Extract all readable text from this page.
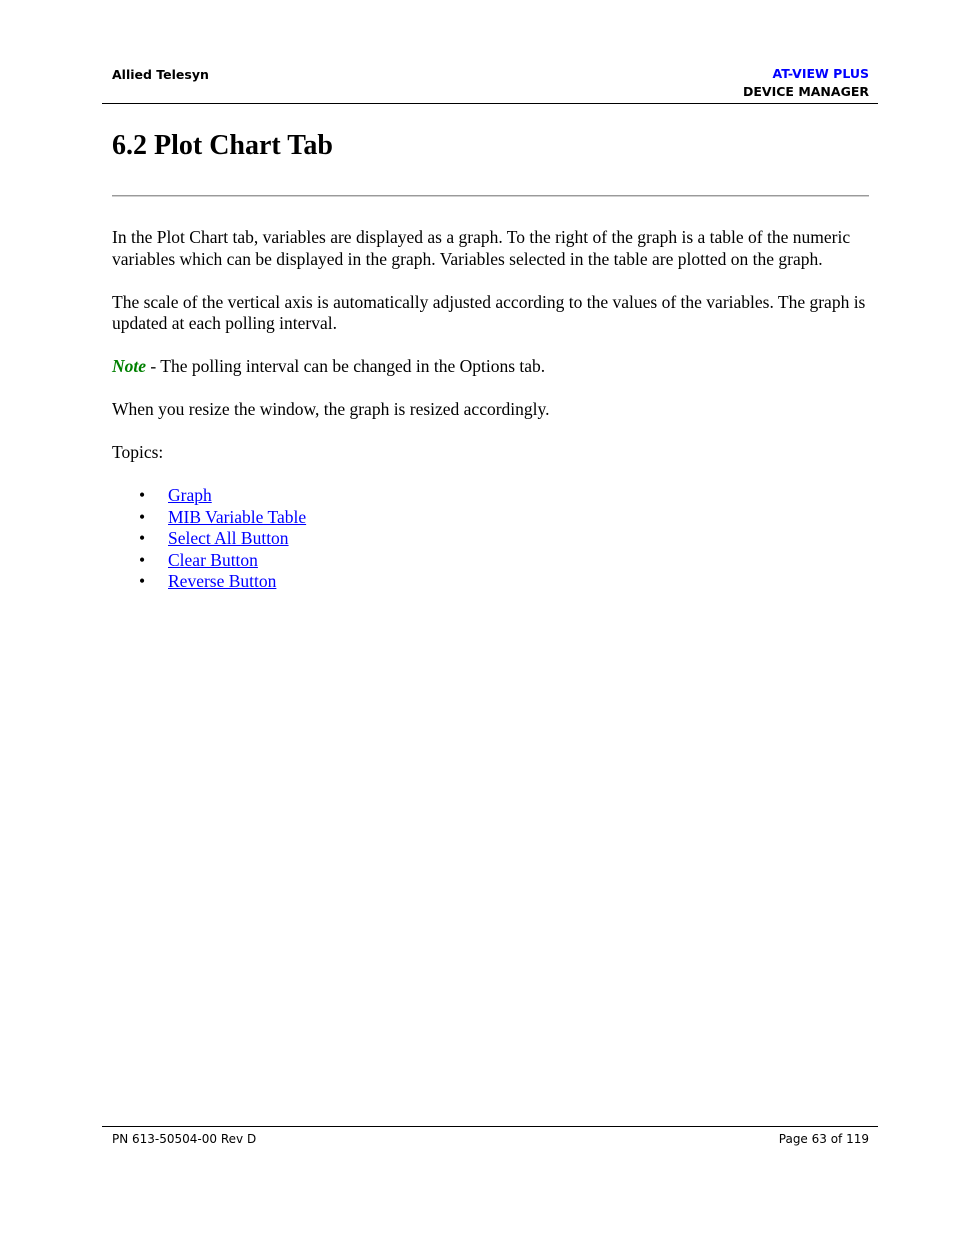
Allied Telesyn	AT-VIEW PLUS
DEVICE MANAGER
6.2 Plot Chart Tab

In the Plot Chart tab, variables are displayed as a graph. To the right of the graph is a table of the numeric variables which can be displayed in the graph. Variables selected in the table are plotted on the graph.

The scale of the vertical axis is automatically adjusted according to the values of the variables. The graph is updated at each polling interval.

Note - The polling interval can be changed in the Options tab.

When you resize the window, the graph is resized accordingly.

Topics:

• Graph
• MIB Variable Table
• Select All Button
• Clear Button
• Reverse Button
PN 613-50504-00 Rev D	Page 63 of 119
